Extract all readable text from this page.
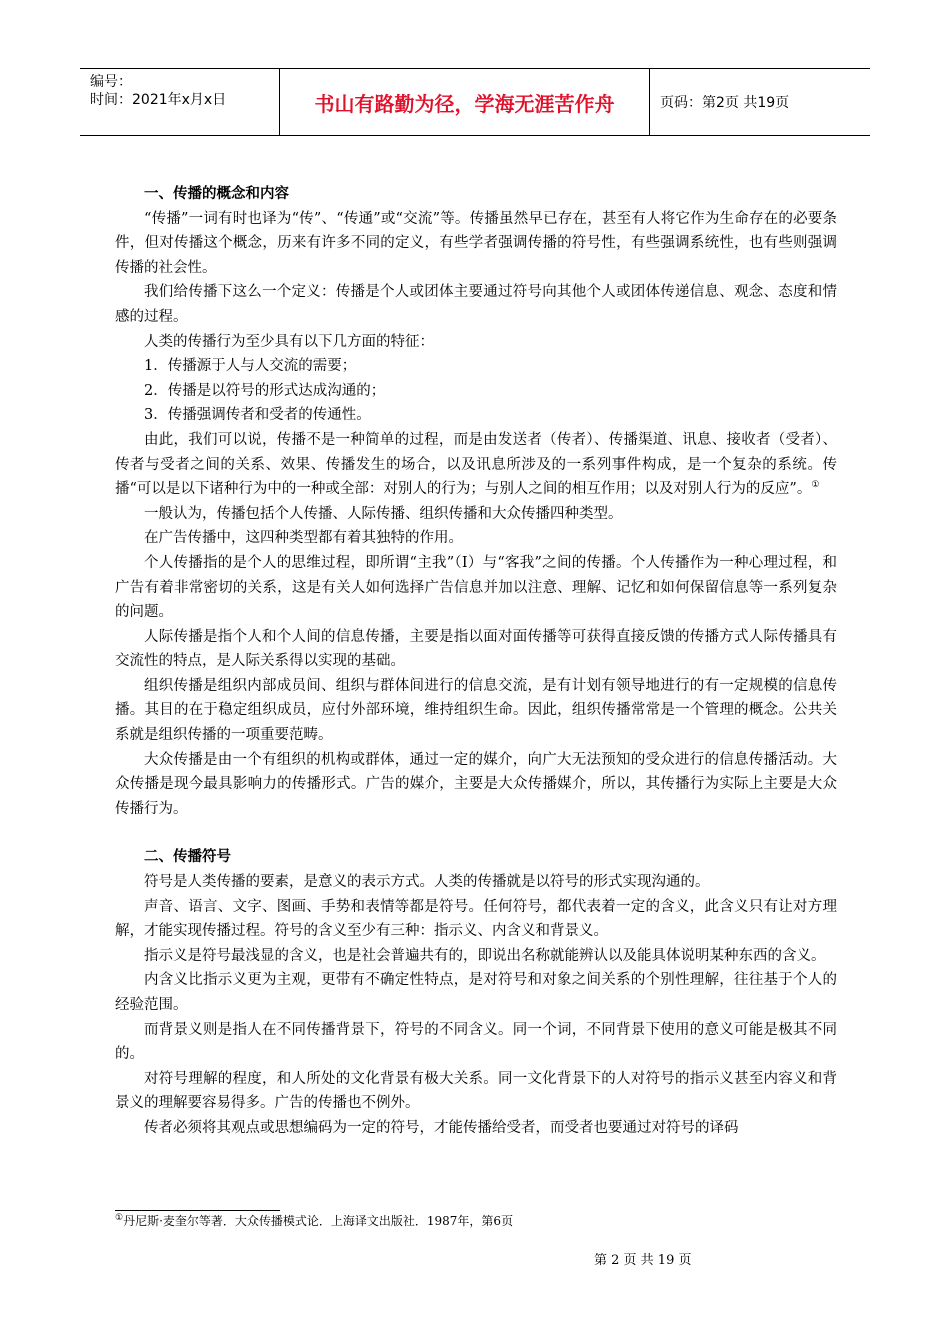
编号：
时间：2021年x月x日	书山有路勤为径，学海无涯苦作舟	页码：第2页 共19页
一、传播的概念和内容

“传播”一词有时也译为“传”、“传通”或“交流”等。传播虽然早已存在，甚至有人将它作为生命存在的必要条件，但对传播这个概念，历来有许多不同的定义，有些学者强调传播的符号性，有些强调系统性，也有些则强调传播的社会性。

我们给传播下这么一个定义：传播是个人或团体主要通过符号向其他个人或团体传递信息、观念、态度和情感的过程。

人类的传播行为至少具有以下几方面的特征：

1．传播源于人与人交流的需要；

2．传播是以符号的形式达成沟通的；

3．传播强调传者和受者的传通性。

由此，我们可以说，传播不是一种简单的过程，而是由发送者（传者）、传播渠道、讯息、接收者（受者）、传者与受者之间的关系、效果、传播发生的场合，以及讯息所涉及的一系列事件构成，是一个复杂的系统。传播“可以是以下诸种行为中的一种或全部：对别人的行为；与别人之间的相互作用；以及对别人行为的反应”。①

一般认为，传播包括个人传播、人际传播、组织传播和大众传播四种类型。

在广告传播中，这四种类型都有着其独特的作用。

个人传播指的是个人的思维过程，即所谓“主我”（I）与“客我”之间的传播。个人传播作为一种心理过程，和广告有着非常密切的关系，这是有关人如何选择广告信息并加以注意、理解、记忆和如何保留信息等一系列复杂的问题。

人际传播是指个人和个人间的信息传播，主要是指以面对面传播等可获得直接反馈的传播方式人际传播具有交流性的特点，是人际关系得以实现的基础。

组织传播是组织内部成员间、组织与群体间进行的信息交流，是有计划有领导地进行的有一定规模的信息传播。其目的在于稳定组织成员，应付外部环境，维持组织生命。因此，组织传播常常是一个管理的概念。公共关系就是组织传播的一项重要范畴。

大众传播是由一个有组织的机构或群体，通过一定的媒介，向广大无法预知的受众进行的信息传播活动。大众传播是现今最具影响力的传播形式。广告的媒介，主要是大众传播媒介，所以，其传播行为实际上主要是大众传播行为。

二、传播符号

符号是人类传播的要素，是意义的表示方式。人类的传播就是以符号的形式实现沟通的。

声音、语言、文字、图画、手势和表情等都是符号。任何符号，都代表着一定的含义，此含义只有让对方理解，才能实现传播过程。符号的含义至少有三种：指示义、内含义和背景义。

指示义是符号最浅显的含义，也是社会普遍共有的，即说出名称就能辨认以及能具体说明某种东西的含义。

内含义比指示义更为主观，更带有不确定性特点，是对符号和对象之间关系的个别性理解，往往基于个人的经验范围。

而背景义则是指人在不同传播背景下，符号的不同含义。同一个词，不同背景下使用的意义可能是极其不同的。

对符号理解的程度，和人所处的文化背景有极大关系。同一文化背景下的人对符号的指示义甚至内容义和背景义的理解要容易得多。广告的传播也不例外。

传者必须将其观点或思想编码为一定的符号，才能传播给受者，而受者也要通过对符号的译码

①丹尼斯·麦奎尔等著．大众传播模式论．上海译文出版社．1987年，第6页
第 2 页 共 19 页
